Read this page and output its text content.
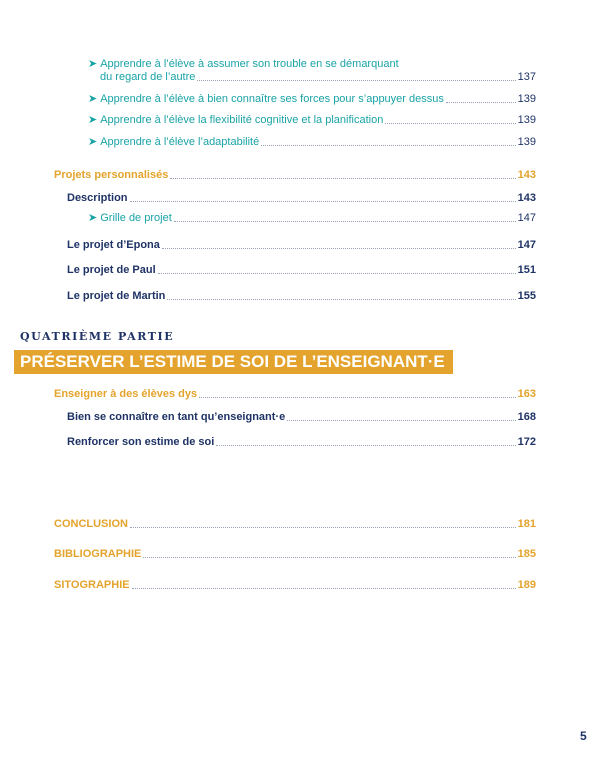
➤ Apprendre à l’élève à assumer son trouble en se démarquant
du regard de l’autre	137
➤ Apprendre à l’élève à bien connaître ses forces pour s’appuyer dessus	139
➤ Apprendre à l’élève la flexibilité cognitive et la planification	139
➤ Apprendre à l’élève l’adaptabilité	139
Projets personnalisés	143
Description	143
➤ Grille de projet	147
Le projet d’Epona	147
Le projet de Paul	151
Le projet de Martin	155
QUATRIÈME PARTIE
PRÉSERVER L’ESTIME DE SOI DE L’ENSEIGNANT·E
Enseigner à des élèves dys	163
Bien se connaître en tant qu’enseignant·e	168
Renforcer son estime de soi	172
CONCLUSION	181
BIBLIOGRAPHIE	185
SITOGRAPHIE	189
5
